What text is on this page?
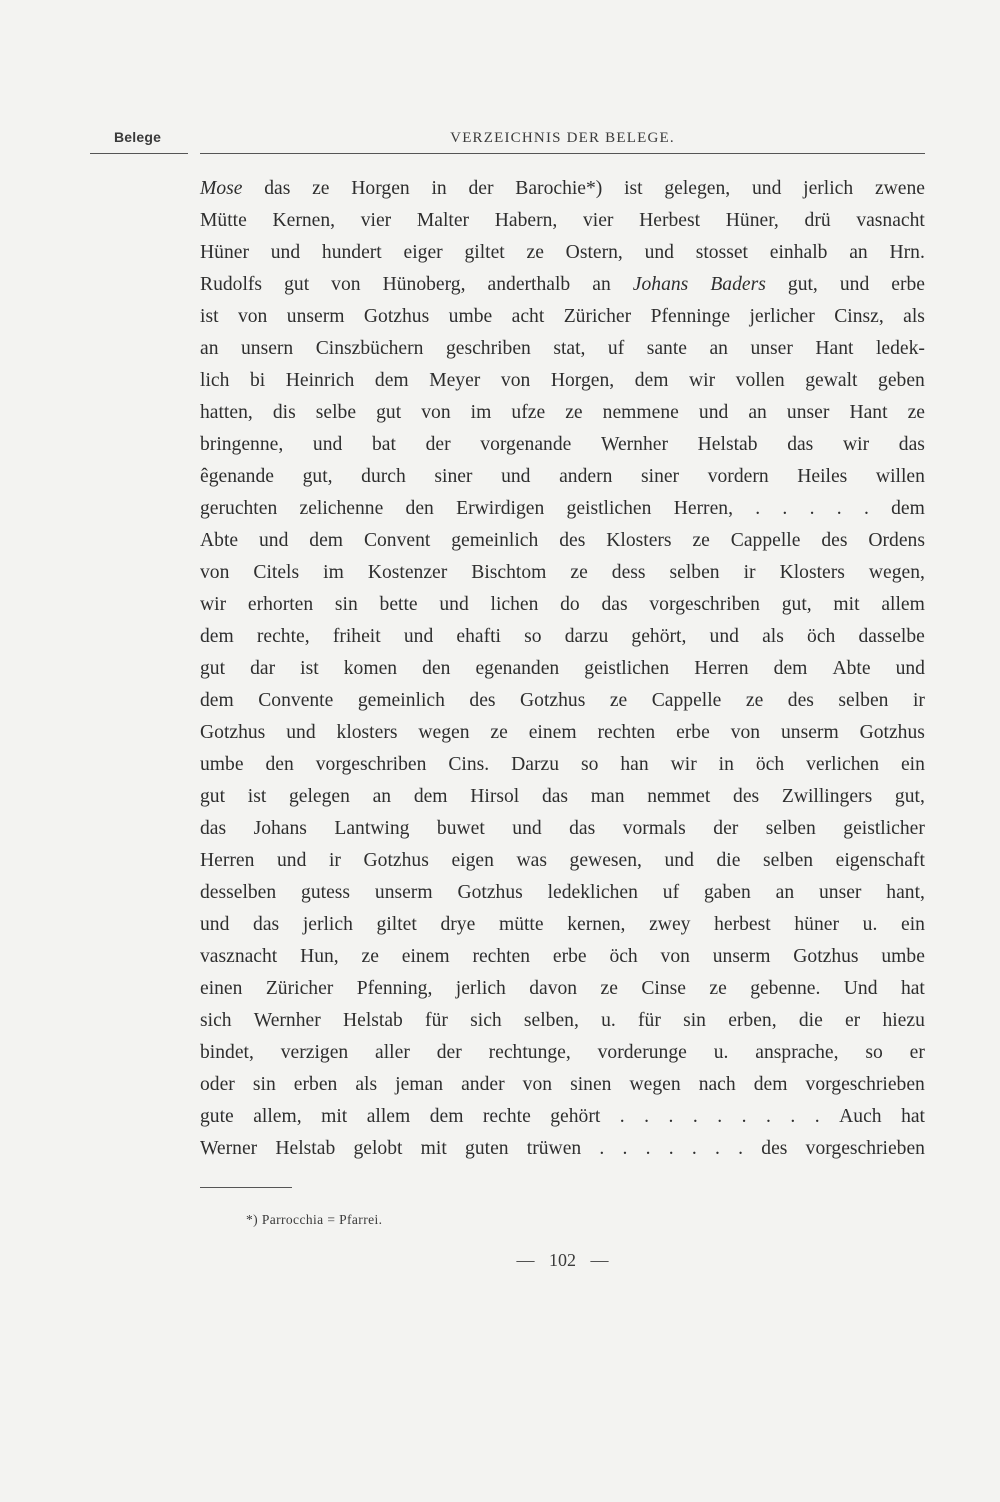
Belege	VERZEICHNIS DER BELEGE.
Mose das ze Horgen in der Barochie*) ist gelegen, und jerlich zwene
Mütte Kernen, vier Malter Habern, vier Herbest Hüner, drü vasnacht
Hüner und hundert eiger giltet ze Ostern, und stosset einhalb an Hrn.
Rudolfs gut von Hünoberg, anderthalb an Johans Baders gut, und erbe
ist von unserm Gotzhus umbe acht Züricher Pfenninge jerlicher Cinsz, als
an unsern Cinszbüchern geschriben stat, uf sante an unser Hant ledek-
lich bi Heinrich dem Meyer von Horgen, dem wir vollen gewalt geben
hatten, dis selbe gut von im ufze ze nemmene und an unser Hant ze
bringenne, und bat der vorgenande Wernher Helstab das wir das
êgenande gut, durch siner und andern siner vordern Heiles willen
geruchten zelichenne den Erwirdigen geistlichen Herren, . . . . . dem
Abte und dem Convent gemeinlich des Klosters ze Cappelle des Ordens
von Citels im Kostenzer Bischtom ze dess selben ir Klosters wegen,
wir erhorten sin bette und lichen do das vorgeschriben gut, mit allem
dem rechte, friheit und ehafti so darzu gehört, und als öch dasselbe
gut dar ist komen den egenanden geistlichen Herren dem Abte und
dem Convente gemeinlich des Gotzhus ze Cappelle ze des selben ir
Gotzhus und klosters wegen ze einem rechten erbe von unserm Gotzhus
umbe den vorgeschriben Cins. Darzu so han wir in öch verlichen ein
gut ist gelegen an dem Hirsol das man nemmet des Zwillingers gut,
das Johans Lantwing buwet und das vormals der selben geistlicher
Herren und ir Gotzhus eigen was gewesen, und die selben eigenschaft
desselben gutess unserm Gotzhus ledeklichen uf gaben an unser hant,
und das jerlich giltet drye mütte kernen, zwey herbest hüner u. ein
vasznacht Hun, ze einem rechten erbe öch von unserm Gotzhus umbe
einen Züricher Pfenning, jerlich davon ze Cinse ze gebenne. Und hat
sich Wernher Helstab für sich selben, u. für sin erben, die er hiezu
bindet, verzigen aller der rechtunge, vorderunge u. ansprache, so er
oder sin erben als jeman ander von sinen wegen nach dem vorgeschrieben
gute allem, mit allem dem rechte gehört . . . . . . . . . Auch hat
Werner Helstab gelobt mit guten trüwen . . . . . . . des vorgeschrieben
*) Parrocchia = Pfarrei.
— 102 —
